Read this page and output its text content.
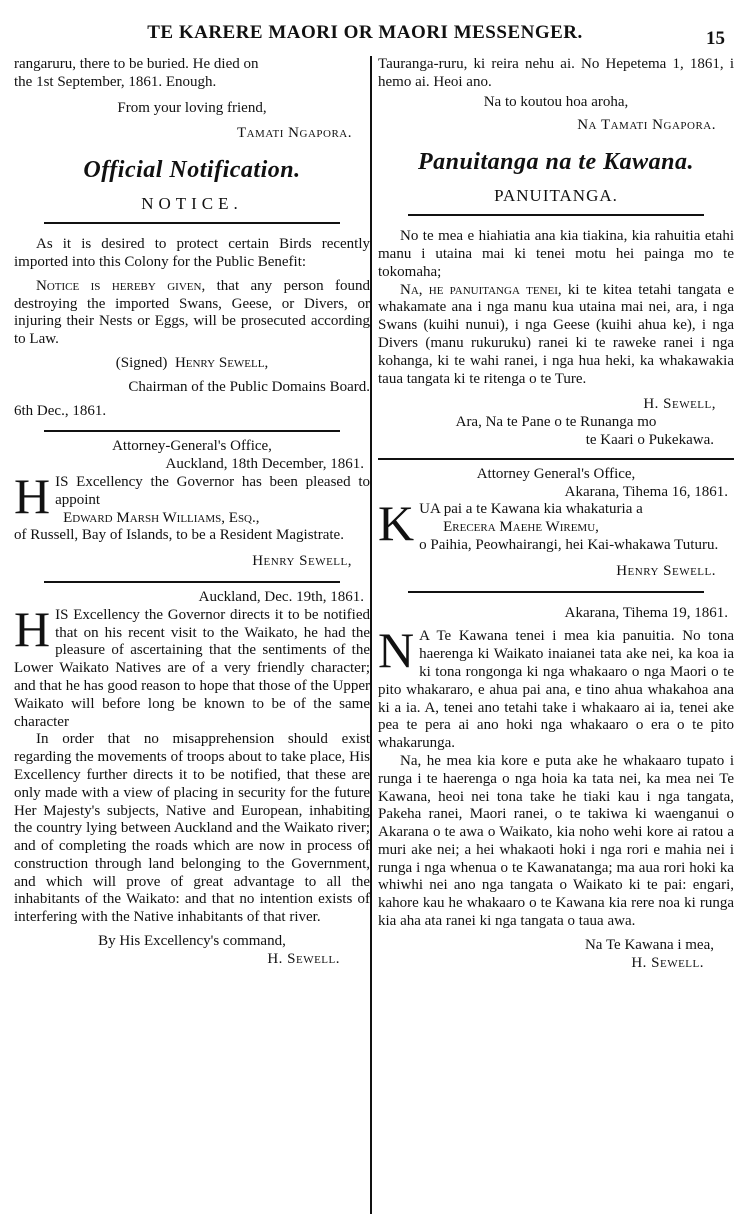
TE KARERE MAORI OR MAORI MESSENGER.	15

rangaruru, there to be buried. He died on

the 1st September, 1861. Enough.

From your loving friend,

Tamati Ngapora.

Official Notification.
NOTICE.

As it is desired to protect certain Birds recently imported into this Colony for the Public Benefit:

Notice is hereby given, that any person found destroying the imported Swans, Geese, or Divers, or injuring their Nests or Eggs, will be prosecuted according to Law.

(Signed) Henry Sewell,

Chairman of the Public Domains Board.

6th Dec., 1861.

Attorney-General's Office,

Auckland, 18th December, 1861.

HIS Excellency the Governor has been pleased to appoint
Edward Marsh Williams, Esq.,
of Russell, Bay of Islands, to be a Resident Magistrate.

Henry Sewell,

Auckland, Dec. 19th, 1861.

HIS Excellency the Governor directs it to be notified that on his recent visit to the Waikato, he had the pleasure of ascertaining that the sentiments of the Lower Waikato Natives are of a very friendly character; and that he has good reason to hope that those of the Upper Waikato will before long be known to be of the same character

In order that no misapprehension should exist regarding the movements of troops about to take place, His Excellency further directs it to be notified, that these are only made with a view of placing in security for the future Her Majesty's subjects, Native and European, inhabiting the country lying between Auckland and the Waikato river; and of completing the roads which are now in process of construction through land belonging to the Government, and which will prove of great advantage to all the inhabitants of the Waikato: and that no intention exists of interfering with the Native inhabitants of that river.

By His Excellency's command,

H. Sewell.

Tauranga-ruru, ki reira nehu ai. No Hepetema 1, 1861, i hemo ai. Heoi ano.

Na to koutou hoa aroha,

Na Tamati Ngapora.

Panuitanga na te Kawana.
PANUITANGA.

No te mea e hiahiatia ana kia tiakina, kia rahuitia etahi manu i utaina mai ki tenei motu hei painga mo te tokomaha;

Na, he panuitanga tenei, ki te kitea tetahi tangata e whakamate ana i nga manu kua utaina mai nei, ara, i nga Swans (kuihi nunui), i nga Geese (kuihi ahua ke), i nga Divers (manu rukuruku) ranei ki te raweke ranei i nga kohanga, ki te wahi ranei, i nga hua heki, ka whakawakia taua tangata ki te ritenga o te Ture.

H. Sewell,

Ara, Na te Pane o te Runanga mo

te Kaari o Pukekawa.

Attorney General's Office,

Akarana, Tihema 16, 1861.

KUA pai a te Kawana kia whakaturia a
Erecera Maehe Wiremu,
o Paihia, Peowhairangi, hei Kai-whakawa Tuturu.

Henry Sewell.

Akarana, Tihema 19, 1861.

N A Te Kawana tenei i mea kia panuitia. No tona haerenga ki Waikato inaianei tata ake nei, ka koa ia ki tona rongonga ki nga whakaaro o nga Maori o te pito whakararo, e ahua pai ana, e tino ahua whakahoa ana ki a ia. A, tenei ano tetahi take i whakaaro ai ia, tenei ake pea te pera ai ano hoki nga whakaaro o era o te pito whakarunga.

Na, he mea kia kore e puta ake he whakaaro tupato i runga i te haerenga o nga hoia ka tata nei, ka mea nei Te Kawana, heoi nei tona take he tiaki kau i nga tangata, Pakeha ranei, Maori ranei, o te takiwa ki waenganui o Akarana o te awa o Waikato, kia noho wehi kore ai ratou a muri ake nei; a hei whakaoti hoki i nga rori e mahia nei i runga i nga whenua o te Kawanatanga; ma aua rori hoki ka whiwhi nei ano nga tangata o Waikato ki te pai: engari, kahore kau he whakaaro o te Kawana kia rere noa ki runga kia aha ata ranei ki nga tangata o taua awa.

Na Te Kawana i mea,

H. Sewell.
